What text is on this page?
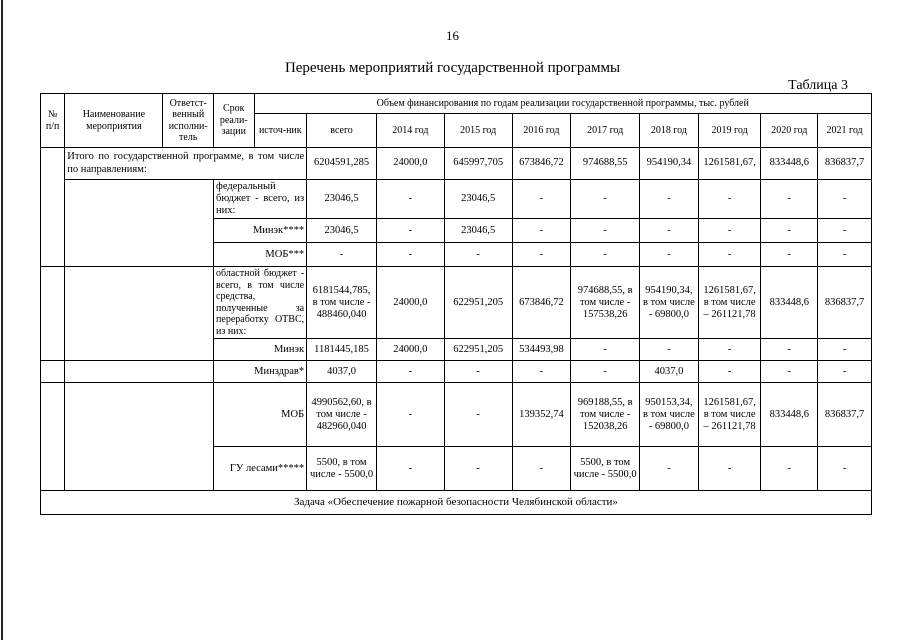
16
Перечень мероприятий государственной программы
Таблица 3
№ п/п	Наименование мероприятия	Ответст-венный исполни-тель	Срок реали-зации	Объем финансирования по годам реализации государственной программы, тыс. рублей									
				источ-ник	всего	2014 год	2015 год	2016 год	2017 год	2018 год	2019 год	2020 год	2021 год
	Итого по государственной программе, в том числе по направлениям:				6204591,285	24000,0	645997,705	673846,72	974688,55	954190,34	1261581,67,	833448,6	836837,7
			федеральный бюджет - всего, из них:		23046,5	-	23046,5	-	-	-	-	-	-
			Минэк****		23046,5	-	23046,5	-	-	-	-	-	-
			МОБ***		-	-	-	-	-	-	-	-	-
			областной бюджет - всего, в том числе средства, полученные за переработку ОТВС, из них:		6181544,785, в том числе - 488460,040	24000,0	622951,205	673846,72	974688,55, в том числе - 157538,26	954190,34, в том числе - 69800,0	1261581,67, в том числе – 261121,78	833448,6	836837,7
			Минэк		1181445,185	24000,0	622951,205	534493,98	-	-	-	-	-
			Минздрав*		4037,0	-	-	-	-	4037,0	-	-	-
			МОБ		4990562,60, в том числе - 482960,040	-	-	139352,74	969188,55, в том числе - 152038,26	950153,34, в том числе - 69800,0	1261581,67, в том числе – 261121,78	833448,6	836837,7
			ГУ лесами*****		5500, в том числе - 5500,0	-	-	-	5500, в том числе - 5500,0	-	-	-	-
Задача «Обеспечение пожарной безопасности Челябинской области»													
